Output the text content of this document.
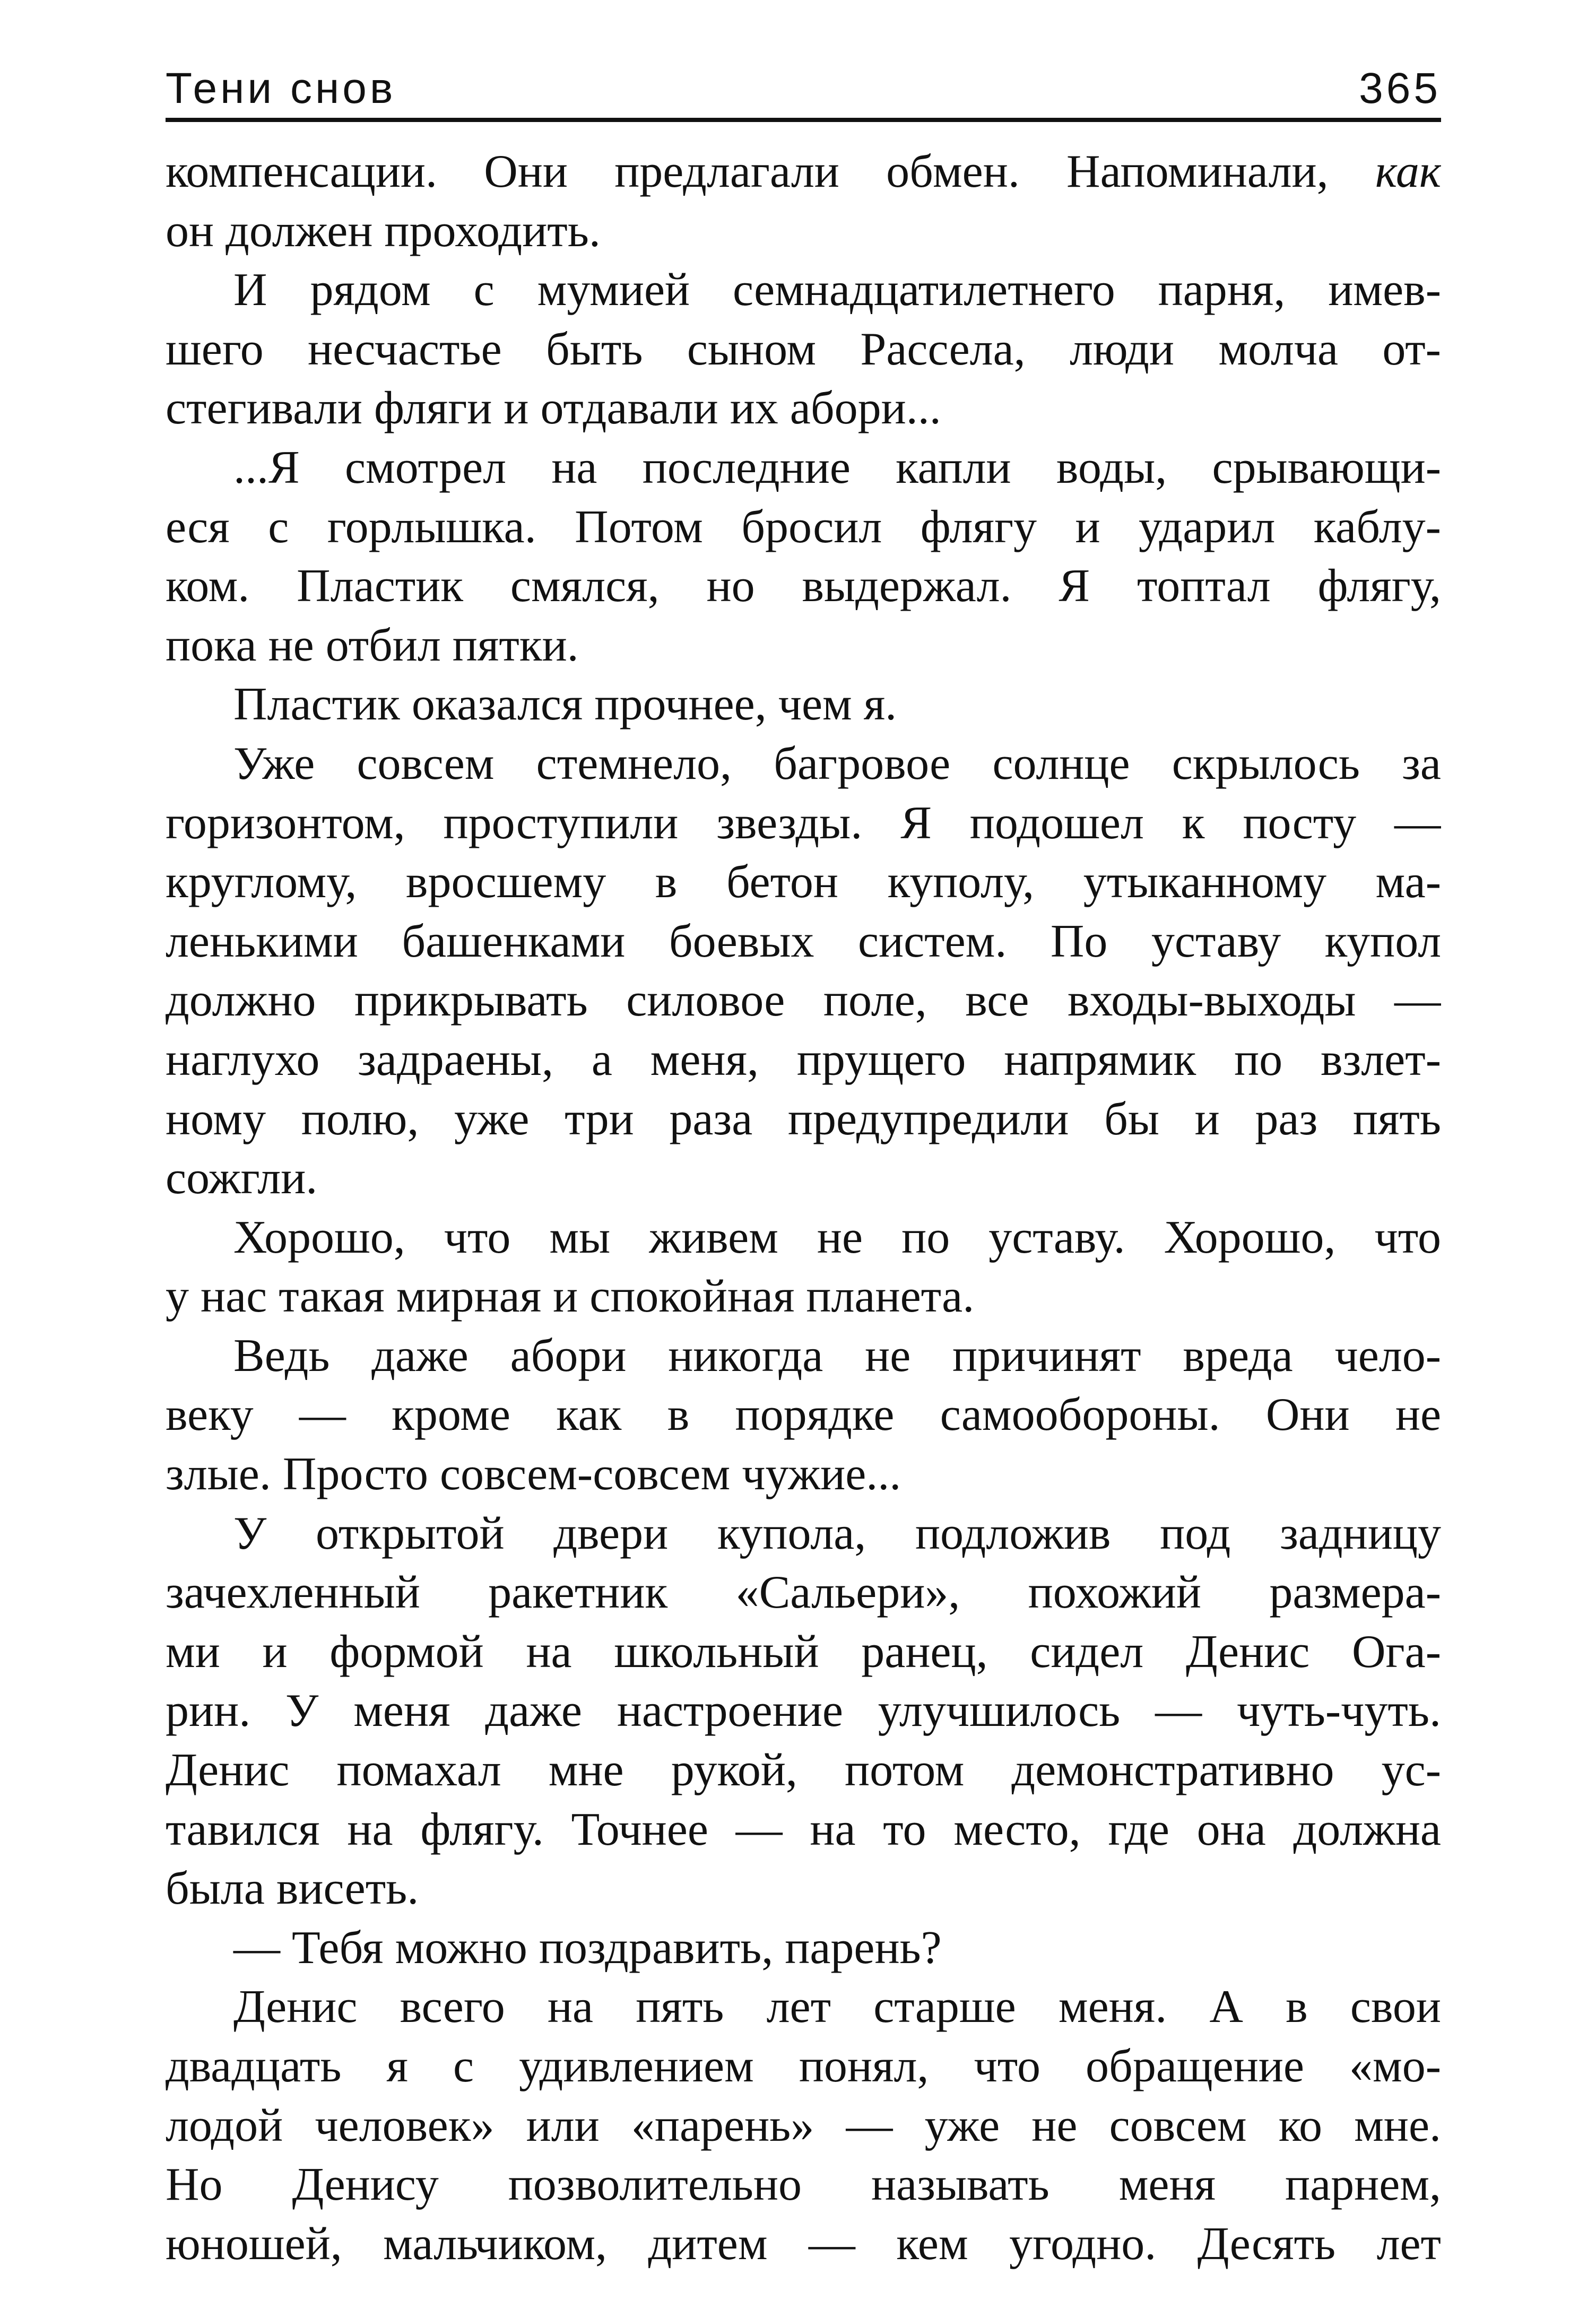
Тени снов	365
компенсации. Они предлагали обмен. Напоминали, как
он должен проходить.
И рядом с мумией семнадцатилетнего парня, имев-
шего несчастье быть сыном Рассела, люди молча от-
стегивали фляги и отдавали их абори...
...Я смотрел на последние капли воды, срывающи-
еся с горлышка. Потом бросил флягу и ударил каблу-
ком. Пластик смялся, но выдержал. Я топтал флягу,
пока не отбил пятки.
Пластик оказался прочнее, чем я.
Уже совсем стемнело, багровое солнце скрылось за
горизонтом, проступили звезды. Я подошел к посту —
круглому, вросшему в бетон куполу, утыканному ма-
ленькими башенками боевых систем. По уставу купол
должно прикрывать силовое поле, все входы-выходы —
наглухо задраены, а меня, прущего напрямик по взлет-
ному полю, уже три раза предупредили бы и раз пять
сожгли.
Хорошо, что мы живем не по уставу. Хорошо, что
у нас такая мирная и спокойная планета.
Ведь даже абори никогда не причинят вреда чело-
веку — кроме как в порядке самообороны. Они не
злые. Просто совсем-совсем чужие...
У открытой двери купола, подложив под задницу
зачехленный ракетник «Сальери», похожий размера-
ми и формой на школьный ранец, сидел Денис Ога-
рин. У меня даже настроение улучшилось — чуть-чуть.
Денис помахал мне рукой, потом демонстративно ус-
тавился на флягу. Точнее — на то место, где она должна
была висеть.
— Тебя можно поздравить, парень?
Денис всего на пять лет старше меня. А в свои
двадцать я с удивлением понял, что обращение «мо-
лодой человек» или «парень» — уже не совсем ко мне.
Но Денису позволительно называть меня парнем,
юношей, мальчиком, дитем — кем угодно. Десять лет
